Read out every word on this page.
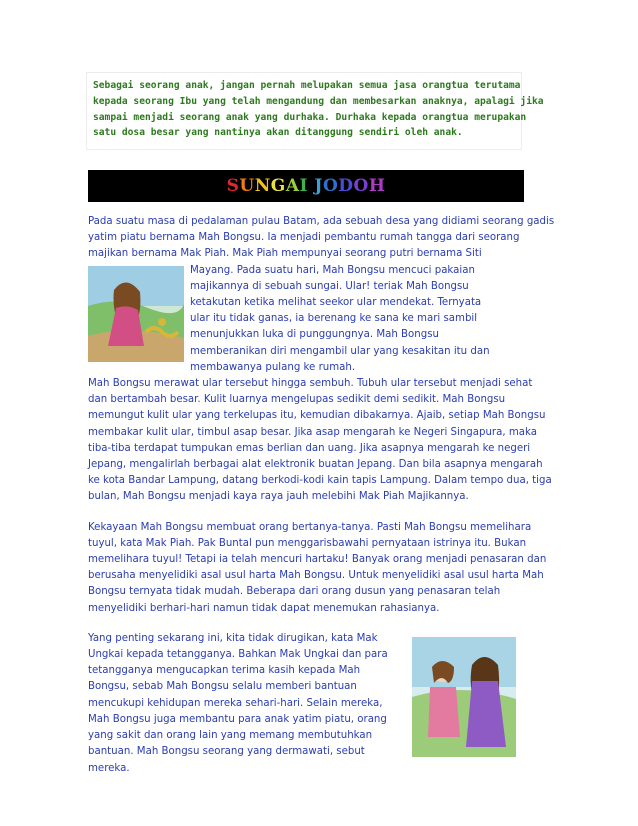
Sebagai seorang anak, jangan pernah melupakan semua jasa orangtua terutama
kepada seorang Ibu yang telah mengandung dan membesarkan anaknya, apalagi jika
sampai menjadi seorang anak yang durhaka. Durhaka kepada orangtua merupakan
satu dosa besar yang nantinya akan ditanggung sendiri oleh anak.

SUNGAI JODOH

Pada suatu masa di pedalaman pulau Batam, ada sebuah desa yang didiami seorang gadis
yatim piatu bernama Mah Bongsu. Ia menjadi pembantu rumah tangga dari seorang
majikan bernama Mak Piah. Mak Piah mempunyai seorang putri bernama Siti

Mayang. Pada suatu hari, Mah Bongsu mencuci pakaian
majikannya di sebuah sungai. Ular! teriak Mah Bongsu
ketakutan ketika melihat seekor ular mendekat. Ternyata
ular itu tidak ganas, ia berenang ke sana ke mari sambil
menunjukkan luka di punggungnya. Mah Bongsu
memberanikan diri mengambil ular yang kesakitan itu dan
membawanya pulang ke rumah.

Mah Bongsu merawat ular tersebut hingga sembuh. Tubuh ular tersebut menjadi sehat
dan bertambah besar. Kulit luarnya mengelupas sedikit demi sedikit. Mah Bongsu
memungut kulit ular yang terkelupas itu, kemudian dibakarnya. Ajaib, setiap Mah Bongsu
membakar kulit ular, timbul asap besar. Jika asap mengarah ke Negeri Singapura, maka
tiba-tiba terdapat tumpukan emas berlian dan uang. Jika asapnya mengarah ke negeri
Jepang, mengalirlah berbagai alat elektronik buatan Jepang. Dan bila asapnya mengarah
ke kota Bandar Lampung, datang berkodi-kodi kain tapis Lampung. Dalam tempo dua, tiga
bulan, Mah Bongsu menjadi kaya raya jauh melebihi Mak Piah Majikannya.

Kekayaan Mah Bongsu membuat orang bertanya-tanya. Pasti Mah Bongsu memelihara
tuyul, kata Mak Piah. Pak Buntal pun menggarisbawahi pernyataan istrinya itu. Bukan
memelihara tuyul! Tetapi ia telah mencuri hartaku! Banyak orang menjadi penasaran dan
berusaha menyelidiki asal usul harta Mah Bongsu. Untuk menyelidiki asal usul harta Mah
Bongsu ternyata tidak mudah. Beberapa dari orang dusun yang penasaran telah
menyelidiki berhari-hari namun tidak dapat menemukan rahasianya.

Yang penting sekarang ini, kita tidak dirugikan, kata Mak
Ungkai kepada tetangganya. Bahkan Mak Ungkai dan para
tetangganya mengucapkan terima kasih kepada Mah
Bongsu, sebab Mah Bongsu selalu memberi bantuan
mencukupi kehidupan mereka sehari-hari. Selain mereka,
Mah Bongsu juga membantu para anak yatim piatu, orang
yang sakit dan orang lain yang memang membutuhkan
bantuan. Mah Bongsu seorang yang dermawati, sebut
mereka.
